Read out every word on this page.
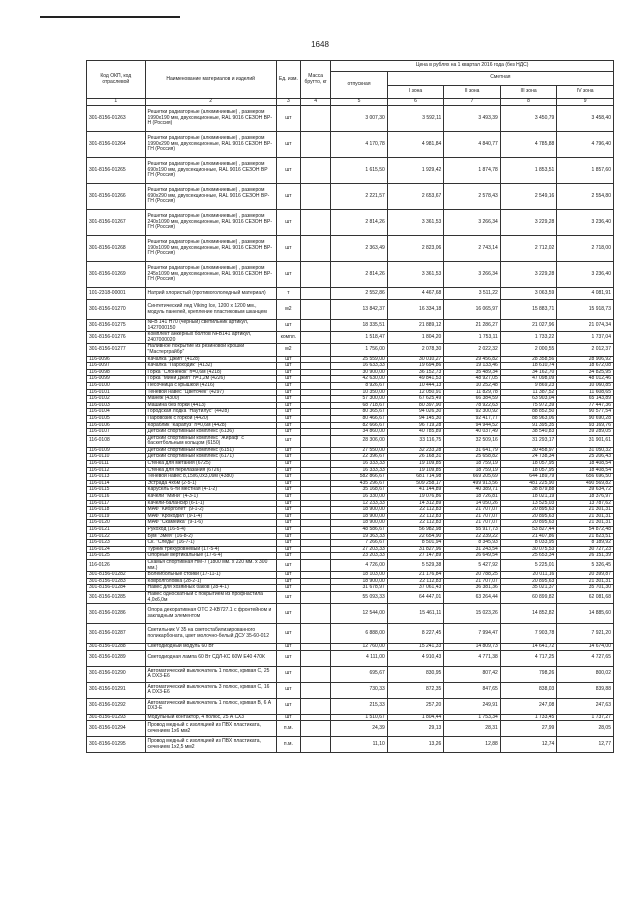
1648
Код ОКП, код отраслевой	Наименование материалов и изделий	Ед. изм.	Масса брутто, кг	Цена в рублях на 1 квартал 2016 года (без НДС)				
				отпускная	Сметная			
					I зона	II зона	III зона	IV зона
1	2	3	4	5	6	7	8	9
301-8156-01263	Решетки радиаторные (алюминиевые) , размером 1990х190 мм, двухсекционные, RAL 9016 СЕЗОН ВР-Н (Россия)	шт		3 007,30	3 592,11	3 493,39	3 450,79	3 458,40
301-8156-01264	Решетки радиаторные (алюминиевые) , размером 1990х290 мм, двухсекционные, RAL 9016 СЕЗОН ВР-ГН (Россия)	шт		4 170,78	4 981,84	4 840,77	4 785,88	4 796,40
301-8156-01265	Решетки радиаторные (алюминиевые) , размером 690х190 мм, двухсекционные, RAL 9016 СЕЗОН ВР ГН (Россия)	шт		1 615,50	1 929,42	1 874,78	1 853,51	1 857,60
301-8156-01266	Решетки радиаторные (алюминиевые) , размером 690х290 мм, двухсекционные, RAL 9016 СЕЗОН ВР-ГН (Россия)	шт		2 221,57	2 653,67	2 578,43	2 549,16	2 554,80
301-8156-01267	Решетки радиаторные (алюминиевые) , размером 240х1090 мм, двухсекционные, RAL 9016 СЕЗОН ВР-ГН (Россия)	шт		2 814,26	3 361,53	3 266,34	3 229,28	3 236,40
301-8156-01268	Решетки радиаторные (алюминиевые) , размером 190х1090 мм, двухсекционные, RAL 9016 СЕЗОН ВР-ГН (Россия)	шт		2 363,49	2 823,06	2 743,14	2 712,02	2 718,00
301-8156-01269	Решетки радиаторные (алюминиевые) , размером 245х1090 мм, двухсекционные, RAL 9016 СЕЗОН ВР-ГН (Россия)	шт		2 814,26	3 361,53	3 266,34	3 229,28	3 236,40
101-2318-00001	Натрий хлористый (противогололедный материал)	т		2 552,86	4 467,68	3 511,22	3 063,59	4 081,91
301-8156-01270	Синтетический лед Viking Ice, 1200 х 1200 мм., модуль панелей, крепление пластиковым шканцем	м2		13 842,37	16 334,18	16 065,97	15 883,71	15 918,73
301-8156-01275	NFB 141 H70 (черный) светильник артикул, 1427000150	шт		18 335,51	21 889,12	21 286,27	21 027,96	21 074,34
301-8156-01276	Комплект анкерных болтов NFB141 артикул, 2407000020	компл.		1 518,47	1 804,20	1 753,11	1 733,22	1 737,04
301-8156-01277	Наливное покрытие из резиновой крошки "Мастерграйбр"	м2		1 756,00	2 078,30	2 022,32	2 000,55	2 012,37
116-0096	Качалка "Джип" (4128)	шт		25 559,00	30 010,27	29 456,82	28 358,56	28 906,92
116-0097	Качалка "Пароходик" (4132)	шт		16 633,33	19 694,86	19 133,46	18 610,74	18 672,08
116-0098	Горка "Слоненок" h=0,6м (4218)	шт		30 900,00	36 152,73	35 489,34	34 162,70	34 825,95
116-0099	Горка "Мини Джип" h=1,2м (4226)	шт		42 630,00	49 841,53	48 927,05	47 098,09	48 012,46
116-0100	Песочница с крышкой (4216)	шт		8 926,67	10 444,13	10 252,48	9 869,23	10 060,85
116-0101	Теневой навес "Цветочек" (4297)	шт		10 350,00	12 050,91	11 829,78	11 387,52	11 608,65
116-0102	Манеж (4300)	шт		57 300,00	67 625,49	66 384,59	63 903,04	65 143,89
116-0103	Машина без горки (4413)	шт		68 718,67	80 397,90	78 922,63	75 972,39	77 447,36
116-0104	Городская лодка "Наутилус" (4428)	шт		80 365,67	94 026,30	92 300,92	88 852,50	90 577,54
116-0105	Паровозик с горкой (4420)	шт		80 466,67	94 145,30	92 417,77	88 963,06	90 690,28
116-0106	Кораблик "Карапуз" h=0,6м (4428)	шт		82 666,67	96 719,28	94 944,52	91 395,35	93 169,76
116-0107	Детский спортивный комплекс (6136)	шт		34 860,00	40 785,89	40 037,49	38 540,83	39 289,05
116-0108	Детский спортивный комплекс "Жираф" с баскетбольным кольцом (6150)	шт		28 306,00	33 116,75	32 509,16	31 293,17	31 901,61
116-0109	Детский спортивный комплекс (6151)	шт		27 550,00	32 233,28	31 641,79	30 458,97	31 050,32
116-0110	Детский спортивный комплекс (6171)	шт		22 396,67	26 168,31	25 658,82	24 738,34	25 206,43
116-0111	Стенка для метания (6725)	шт		16 333,33	19 109,85	18 759,19	18 057,95	18 408,54
116-0112	Стенка для перелазания (6726)	шт		16 333,33	19 109,85	18 759,19	18 057,95	18 408,54
116-0113	Теневой навес 8,15х6,0х3,09м (4380)	шт		582 866,67	681 714,98	669 205,69	644 189,79	656 696,50
116-0114	Эстрада 4х6м (2-5-1)	шт		435 296,67	509 258,17	499 913,56	481 225,90	490 569,82
116-0115	Карусель 6-ти местная (4-1-2)	шт		35 168,67	41 144,89	40 389,71	38 879,88	39 634,72
116-0116	Качели "Мини" (4-3-1)	шт		16 330,00	19 076,86	18 726,81	18 021,19	18 376,97
116-0117	Качели-балансир (6-1-1)	шт		12 233,33	14 312,89	14 050,26	13 525,03	13 787,62
116-0118	МАФ "Кибрголет" (9-1-2)	шт		18 900,00	22 112,83	21 707,07	20 895,63	21 301,31
116-0119	МАФ "Крокодил" (9-1-4)	шт		18 900,00	22 112,83	21 707,07	20 895,63	21 301,31
116-0120	МАФ "Скамейка" (9-1-6)	шт		18 900,00	22 112,83	21 707,07	20 895,63	21 301,31
116-0121	Рукоход (16-5-4)	шт		48 586,67	56 982,98	55 917,73	53 827,44	54 872,48
116-0122	Бум "Змея" (16-8-2)	шт		19 363,33	22 654,90	22 239,22	21 407,86	21 823,51
116-0123	Ск. "Следы" (16-7-1)	шт		7 266,67	8 501,94	8 345,93	8 033,95	8 189,92
116-0124	Турник трехуровневый (17-5-4)	шт		27 203,33	31 827,96	31 243,54	30 075,53	30 727,23
116-0125	Опорные вертикальные (17-6-4)	шт		23 203,33	27 147,89	26 649,54	25 653,34	26 151,39
116-0126	Скамья спортивная НМ-7 (1800 мм. х 220 мм. х 300 мм.)	шт		4 726,00	5 529,38	5 427,92	5 225,01	5 326,45
301-8156-01282	Волейбольные стойки (17-11-1)	шт		18 103,00	21 176,84	20 788,25	20 011,16	20 399,87
301-8156-01283	Ковролголовка (28-2-1)	шт		18 900,00	22 112,83	21 707,07	20 895,63	21 301,31
301-8156-01284	Навес для хозяйных баков (28-4-1)	шт		31 678,97	37 061,43	36 381,36	35 021,37	35 701,30
301-8156-01285	Навес односкатный с покрытием из профнастила 4,0х6,0м	шт		55 093,33	64 447,01	63 264,44	60 899,82	62 081,68
301-8156-01286	Опора декоративная ОТС 2-КВ727.1 с фронтейном и закладным элементом	шт		12 544,00	15 461,11	15 023,26	14 852,82	14 885,60
301-8156-01287	Светильник V 35 на светостабилизированного поликарбоната, цвет молочно-белый ДСУ 35-60-012	шт		6 888,00	8 227,45	7 994,47	7 903,78	7 921,20
301-8156-01288	Светодиодный модуль 60 Вт	шт		12 760,00	15 241,33	14 809,73	14 641,72	14 674,00
301-8156-01289	Светодиодная лампа 60 Вт СДЛ-КС 60W Е40 470К	шт		4 111,00	4 910,43	4 771,38	4 717,25	4 727,65
301-8156-01290	Автоматический выключатель 1 полюс, кривая С, 25 А DX3-E6	шт		695,67	830,95	807,42	798,26	800,02
301-8156-01291	Автоматический выключатель 3 полюс, кривая С, 16 А DX3-E6	шт		730,33	872,35	847,65	838,03	839,88
301-8156-01292	Автоматический выключатель 1 полюс, кривая В, 6 А DX3-E	шт		215,33	257,20	249,91	247,08	247,63
301-8156-01293	Модульный контактор, 4 полюс, 25 А СХ3	шт		1 510,67	1 804,44	1 753,34	1 733,45	1 737,27
301-8156-01294	Провод медный с изоляцией из ПВХ пластиката, сечением 1х6 мм2	п.м.		24,39	29,13	28,31	27,99	28,05
301-8156-01295	Провод медный с изоляцией из ПВХ пластиката, сечением 1х2,5 мм2	п.м.		11,10	13,26	12,88	12,74	12,77
